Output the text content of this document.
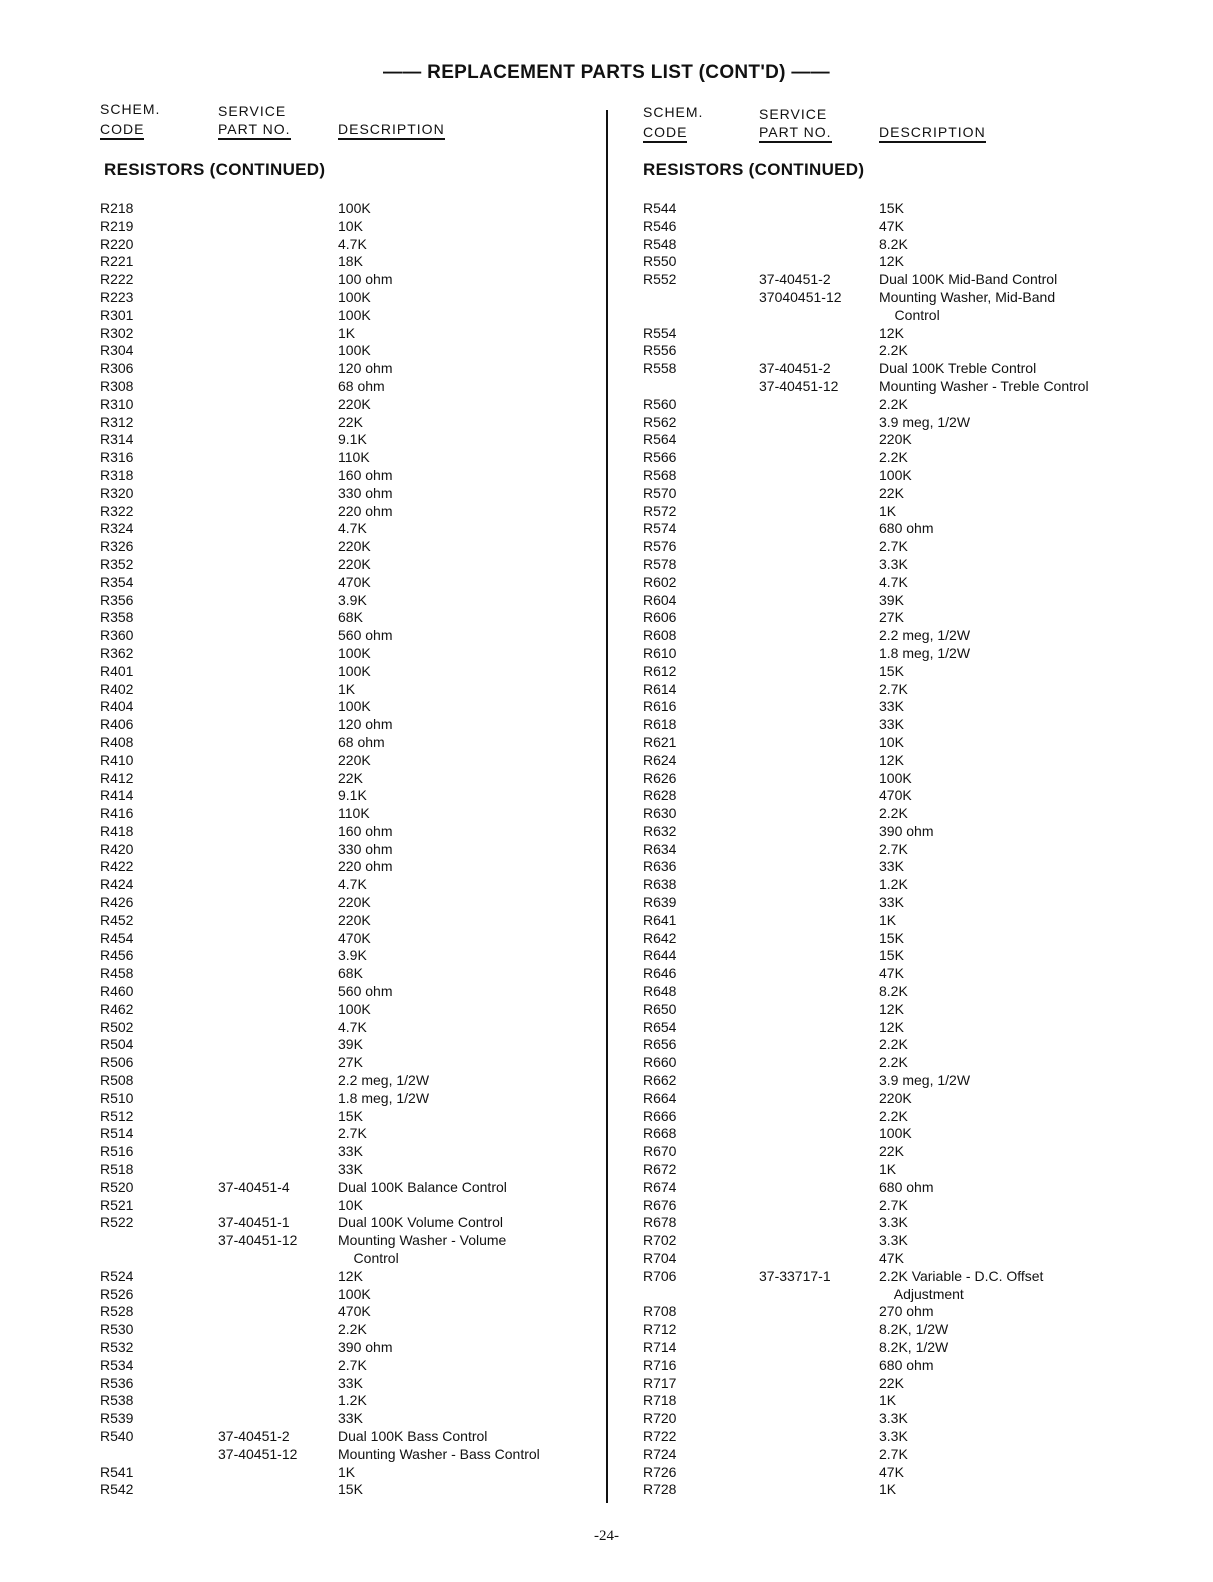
—— REPLACEMENT PARTS LIST (CONT'D) ——
SCHEM.
CODE
SERVICE
PART NO.	DESCRIPTION
RESISTORS (CONTINUED)
R218	100K
R219	10K
R220	4.7K
R221	18K
R222	100 ohm
R223	100K
R301	100K
R302	1K
R304	100K
R306	120 ohm
R308	68 ohm
R310	220K
R312	22K
R314	9.1K
R316	110K
R318	160 ohm
R320	330 ohm
R322	220 ohm
R324	4.7K
R326	220K
R352	220K
R354	470K
R356	3.9K
R358	68K
R360	560 ohm
R362	100K
R401	100K
R402	1K
R404	100K
R406	120 ohm
R408	68 ohm
R410	220K
R412	22K
R414	9.1K
R416	110K
R418	160 ohm
R420	330 ohm
R422	220 ohm
R424	4.7K
R426	220K
R452	220K
R454	470K
R456	3.9K
R458	68K
R460	560 ohm
R462	100K
R502	4.7K
R504	39K
R506	27K
R508	2.2 meg, 1/2W
R510	1.8 meg, 1/2W
R512	15K
R514	2.7K
R516	33K
R518	33K
R520	37-40451-4	Dual 100K Balance Control
R521	10K
R522	37-40451-1	Dual 100K Volume Control
37-40451-12	Mounting Washer - Volume
Control
R524	12K
R526	100K
R528	470K
R530	2.2K
R532	390 ohm
R534	2.7K
R536	33K
R538	1.2K
R539	33K
R540	37-40451-2	Dual 100K Bass Control
37-40451-12	Mounting Washer - Bass Control
R541	1K
R542	15K
SCHEM.
CODE
SERVICE
PART NO.	DESCRIPTION
RESISTORS (CONTINUED)
R544	15K
R546	47K
R548	8.2K
R550	12K
R552	37-40451-2	Dual 100K Mid-Band Control
37040451-12	Mounting Washer, Mid-Band
Control
R554	12K
R556	2.2K
R558	37-40451-2	Dual 100K Treble Control
37-40451-12	Mounting Washer - Treble Control
R560	2.2K
R562	3.9 meg, 1/2W
R564	220K
R566	2.2K
R568	100K
R570	22K
R572	1K
R574	680 ohm
R576	2.7K
R578	3.3K
R602	4.7K
R604	39K
R606	27K
R608	2.2 meg, 1/2W
R610	1.8 meg, 1/2W
R612	15K
R614	2.7K
R616	33K
R618	33K
R621	10K
R624	12K
R626	100K
R628	470K
R630	2.2K
R632	390 ohm
R634	2.7K
R636	33K
R638	1.2K
R639	33K
R641	1K
R642	15K
R644	15K
R646	47K
R648	8.2K
R650	12K
R654	12K
R656	2.2K
R660	2.2K
R662	3.9 meg, 1/2W
R664	220K
R666	2.2K
R668	100K
R670	22K
R672	1K
R674	680 ohm
R676	2.7K
R678	3.3K
R702	3.3K
R704	47K
R706	37-33717-1	2.2K Variable - D.C. Offset
Adjustment
R708	270 ohm
R712	8.2K, 1/2W
R714	8.2K, 1/2W
R716	680 ohm
R717	22K
R718	1K
R720	3.3K
R722	3.3K
R724	2.7K
R726	47K
R728	1K
-24-
